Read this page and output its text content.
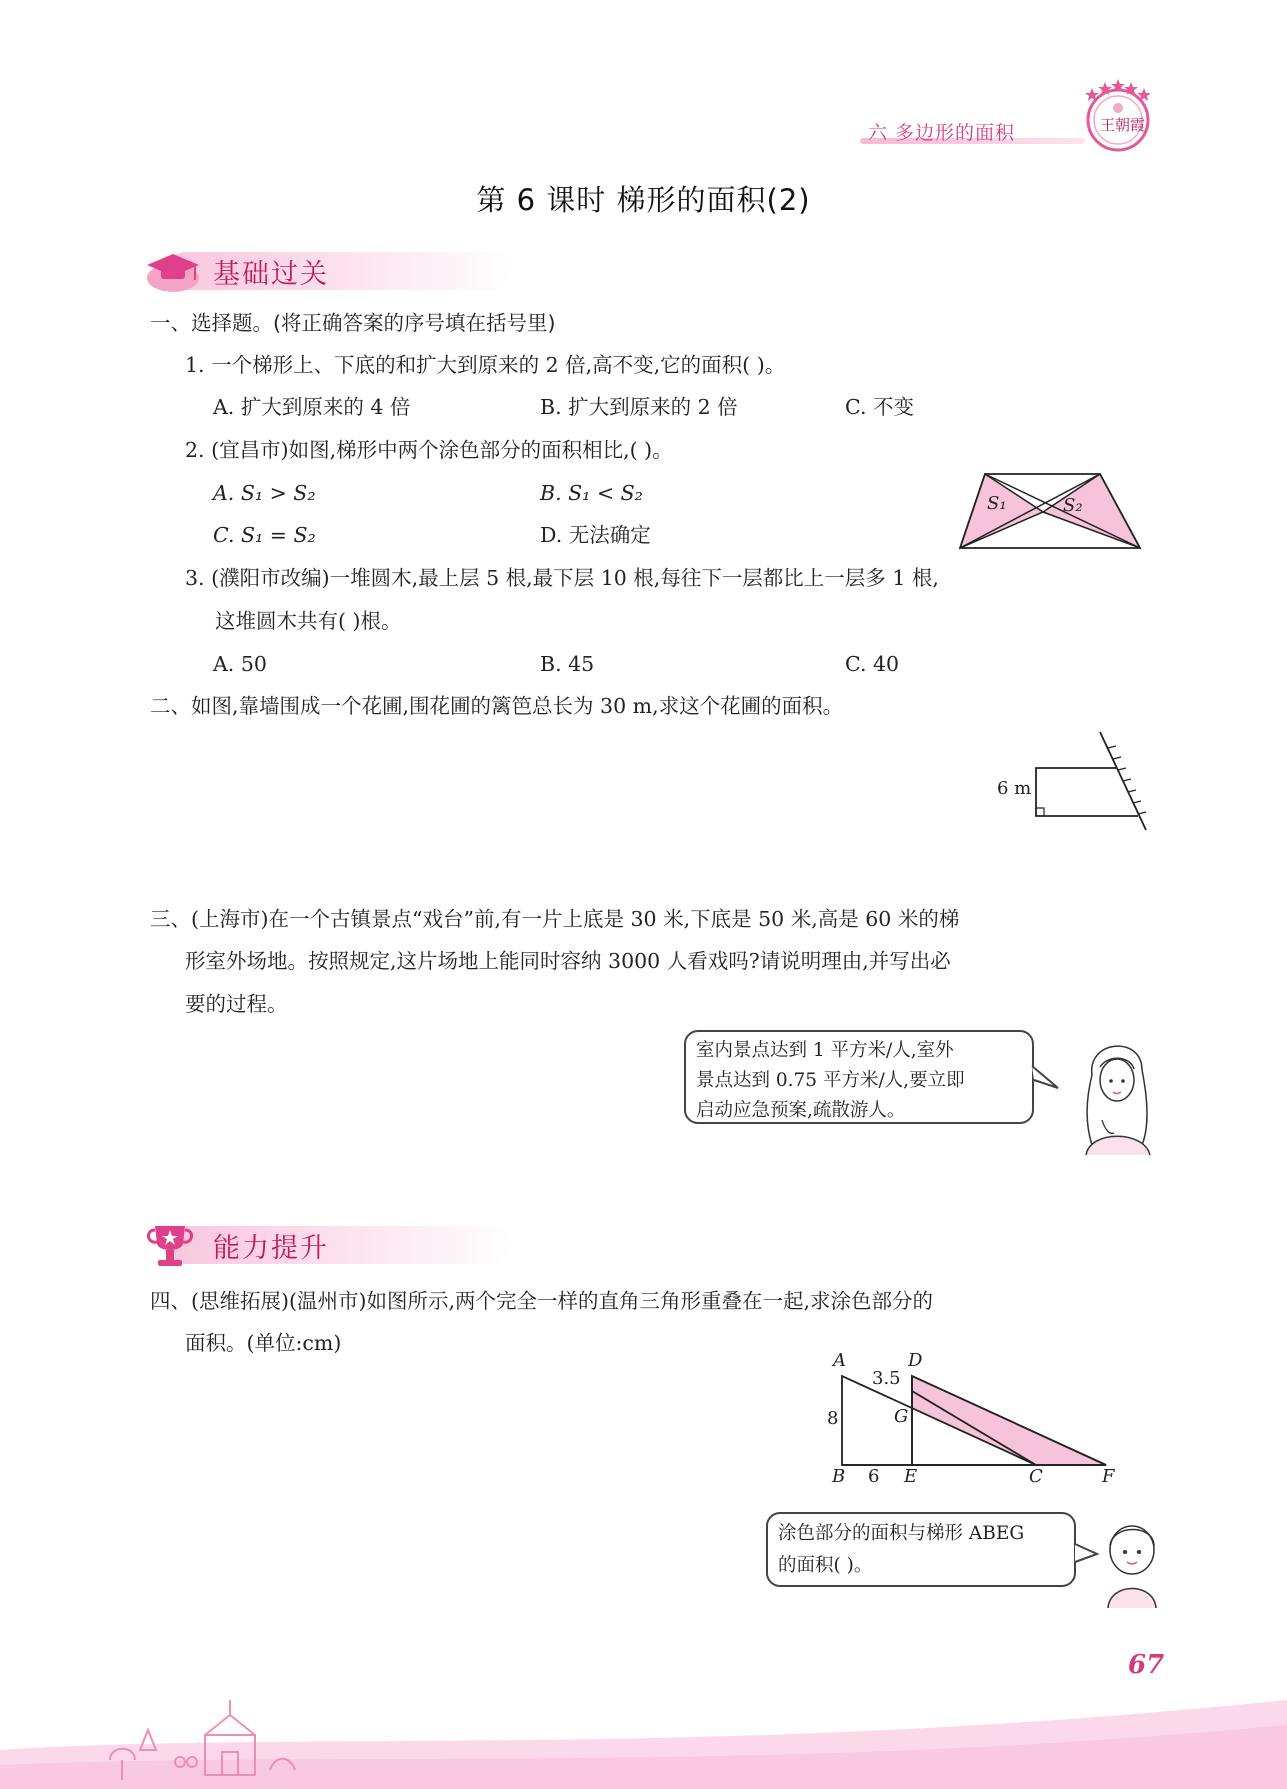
六 多边形的面积	王朝霞
第 6 课时 梯形的面积(2)
基础过关
一、选择题。(将正确答案的序号填在括号里)
1. 一个梯形上、下底的和扩大到原来的 2 倍,高不变,它的面积( )。
A. 扩大到原来的 4 倍	B. 扩大到原来的 2 倍	C. 不变
2. (宜昌市)如图,梯形中两个涂色部分的面积相比,( )。
A. S₁ > S₂	B. S₁ < S₂
C. S₁ = S₂	D. 无法确定
S₁	S₂
3. (濮阳市改编)一堆圆木,最上层 5 根,最下层 10 根,每往下一层都比上一层多 1 根,
这堆圆木共有( )根。
A. 50	B. 45	C. 40
二、如图,靠墙围成一个花圃,围花圃的篱笆总长为 30 m,求这个花圃的面积。
6 m
三、(上海市)在一个古镇景点“戏台”前,有一片上底是 30 米,下底是 50 米,高是 60 米的梯
形室外场地。按照规定,这片场地上能同时容纳 3000 人看戏吗?请说明理由,并写出必
要的过程。
室内景点达到 1 平方米/人,室外
景点达到 0.75 平方米/人,要立即
启动应急预案,疏散游人。
能力提升
四、(思维拓展)(温州市)如图所示,两个完全一样的直角三角形重叠在一起,求涂色部分的
面积。(单位:cm)
A	D
3.5
8	G
B 6 E	C	F
涂色部分的面积与梯形 ABEG
的面积( )。
67
